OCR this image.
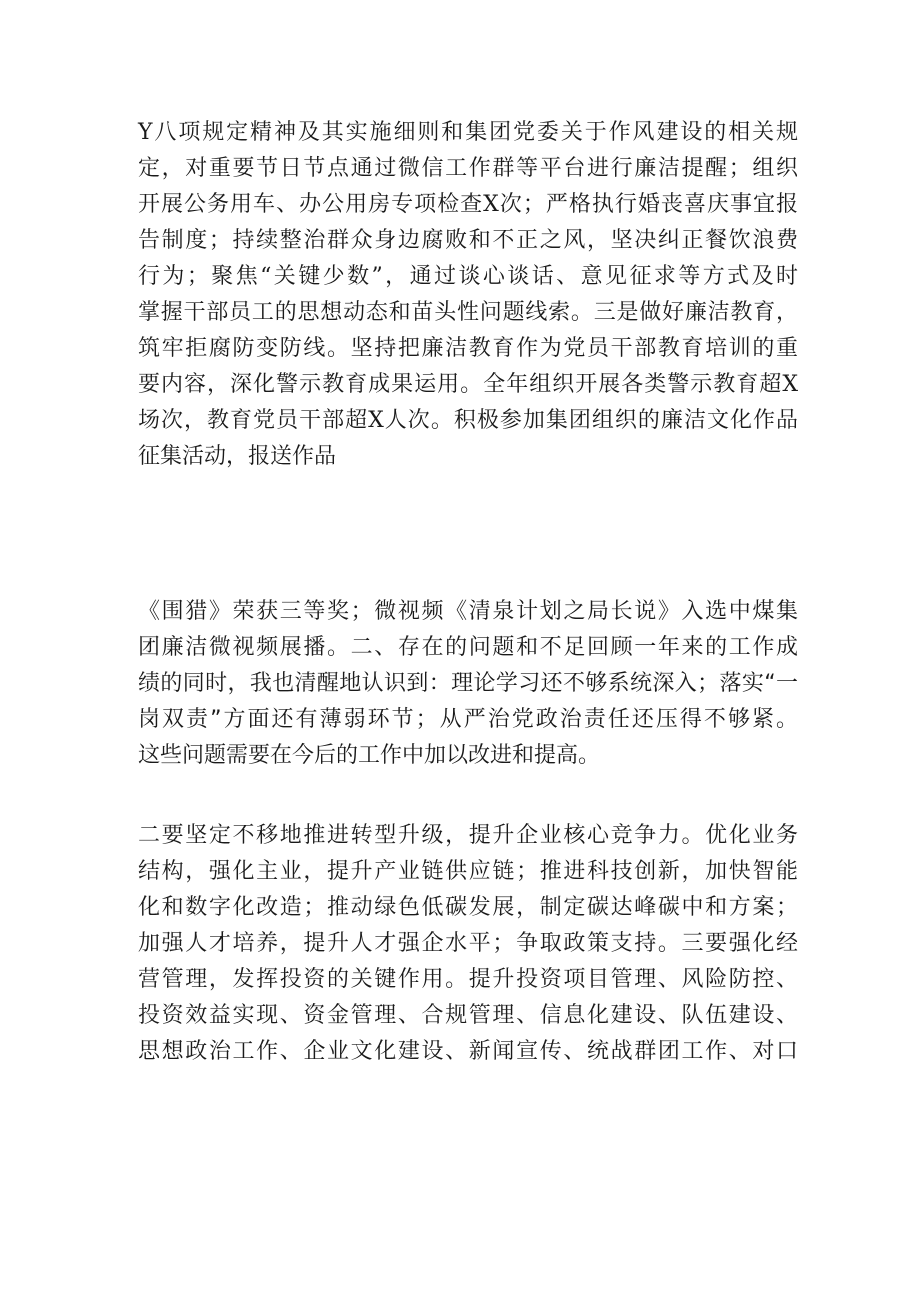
Y八项规定精神及其实施细则和集团党委关于作风建设的相关规
定，对重要节日节点通过微信工作群等平台进行廉洁提醒；组织
开展公务用车、办公用房专项检查X次；严格执行婚丧喜庆事宜报
告制度；持续整治群众身边腐败和不正之风，坚决纠正餐饮浪费
行为；聚焦“关键少数”，通过谈心谈话、意见征求等方式及时
掌握干部员工的思想动态和苗头性问题线索。三是做好廉洁教育，
筑牢拒腐防变防线。坚持把廉洁教育作为党员干部教育培训的重
要内容，深化警示教育成果运用。全年组织开展各类警示教育超X
场次，教育党员干部超X人次。积极参加集团组织的廉洁文化作品
征集活动，报送作品
《围猎》荣获三等奖；微视频《清泉计划之局长说》入选中煤集
团廉洁微视频展播。二、存在的问题和不足回顾一年来的工作成
绩的同时，我也清醒地认识到：理论学习还不够系统深入；落实“一
岗双责”方面还有薄弱环节；从严治党政治责任还压得不够紧。
这些问题需要在今后的工作中加以改进和提高。
二要坚定不移地推进转型升级，提升企业核心竞争力。优化业务
结构，强化主业，提升产业链供应链；推进科技创新，加快智能
化和数字化改造；推动绿色低碳发展，制定碳达峰碳中和方案；
加强人才培养，提升人才强企水平；争取政策支持。三要强化经
营管理，发挥投资的关键作用。提升投资项目管理、风险防控、
投资效益实现、资金管理、合规管理、信息化建设、队伍建设、
思想政治工作、企业文化建设、新闻宣传、统战群团工作、对口
